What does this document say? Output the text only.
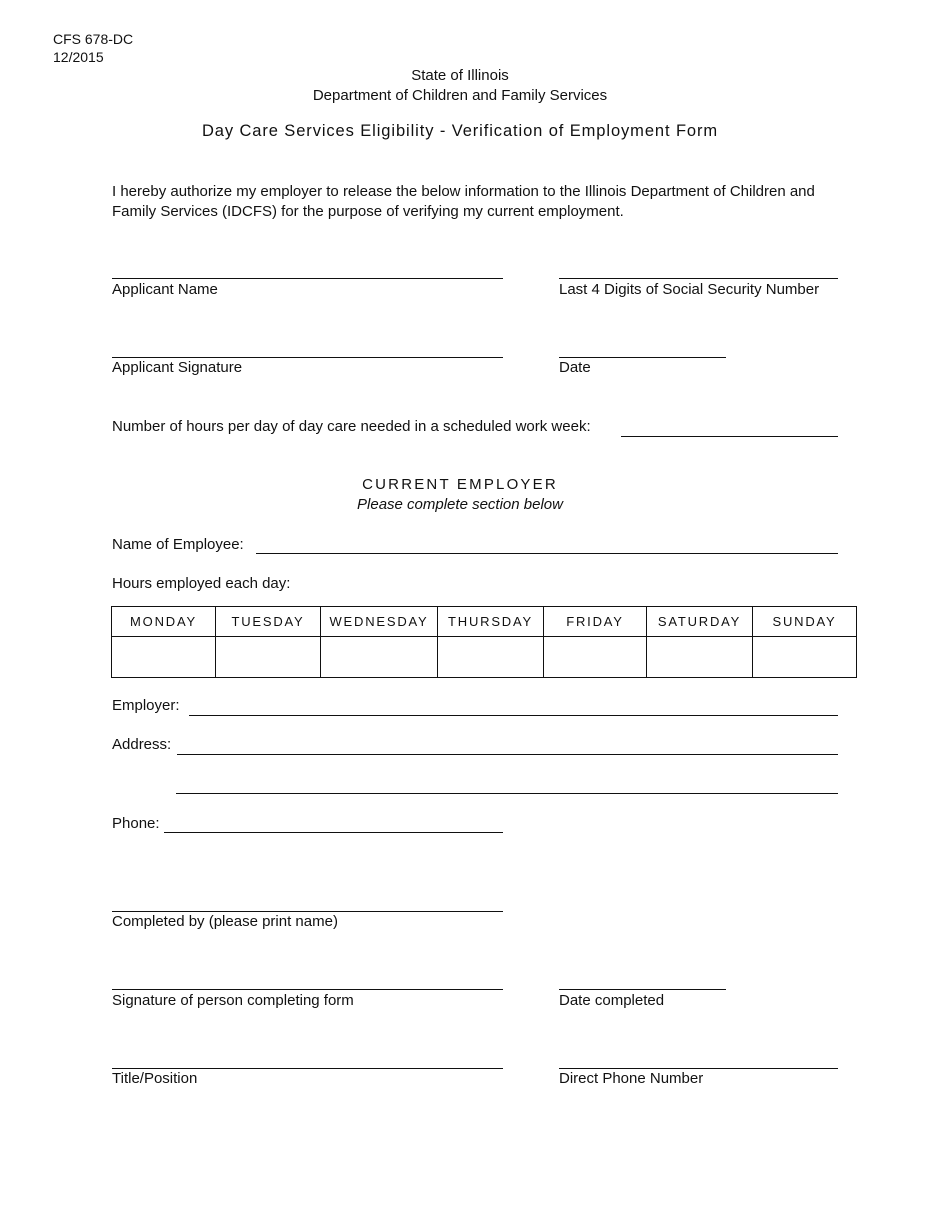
CFS 678-DC
12/2015
State of Illinois
Department of Children and Family Services
Day Care Services Eligibility - Verification of Employment Form
I hereby authorize my employer to release the below information to the Illinois Department of Children and Family Services (IDCFS) for the purpose of verifying my current employment.
Applicant Name	Last 4 Digits of Social Security Number
Applicant Signature	Date
Number of hours per day of day care needed in a scheduled work week:
CURRENT EMPLOYER
Please complete section below
Name of Employee:
Hours employed each day:
MONDAY	TUESDAY	WEDNESDAY	THURSDAY	FRIDAY	SATURDAY	SUNDAY

Employer:
Address:
Phone:
Completed by (please print name)
Signature of person completing form	Date completed
Title/Position	Direct Phone Number
